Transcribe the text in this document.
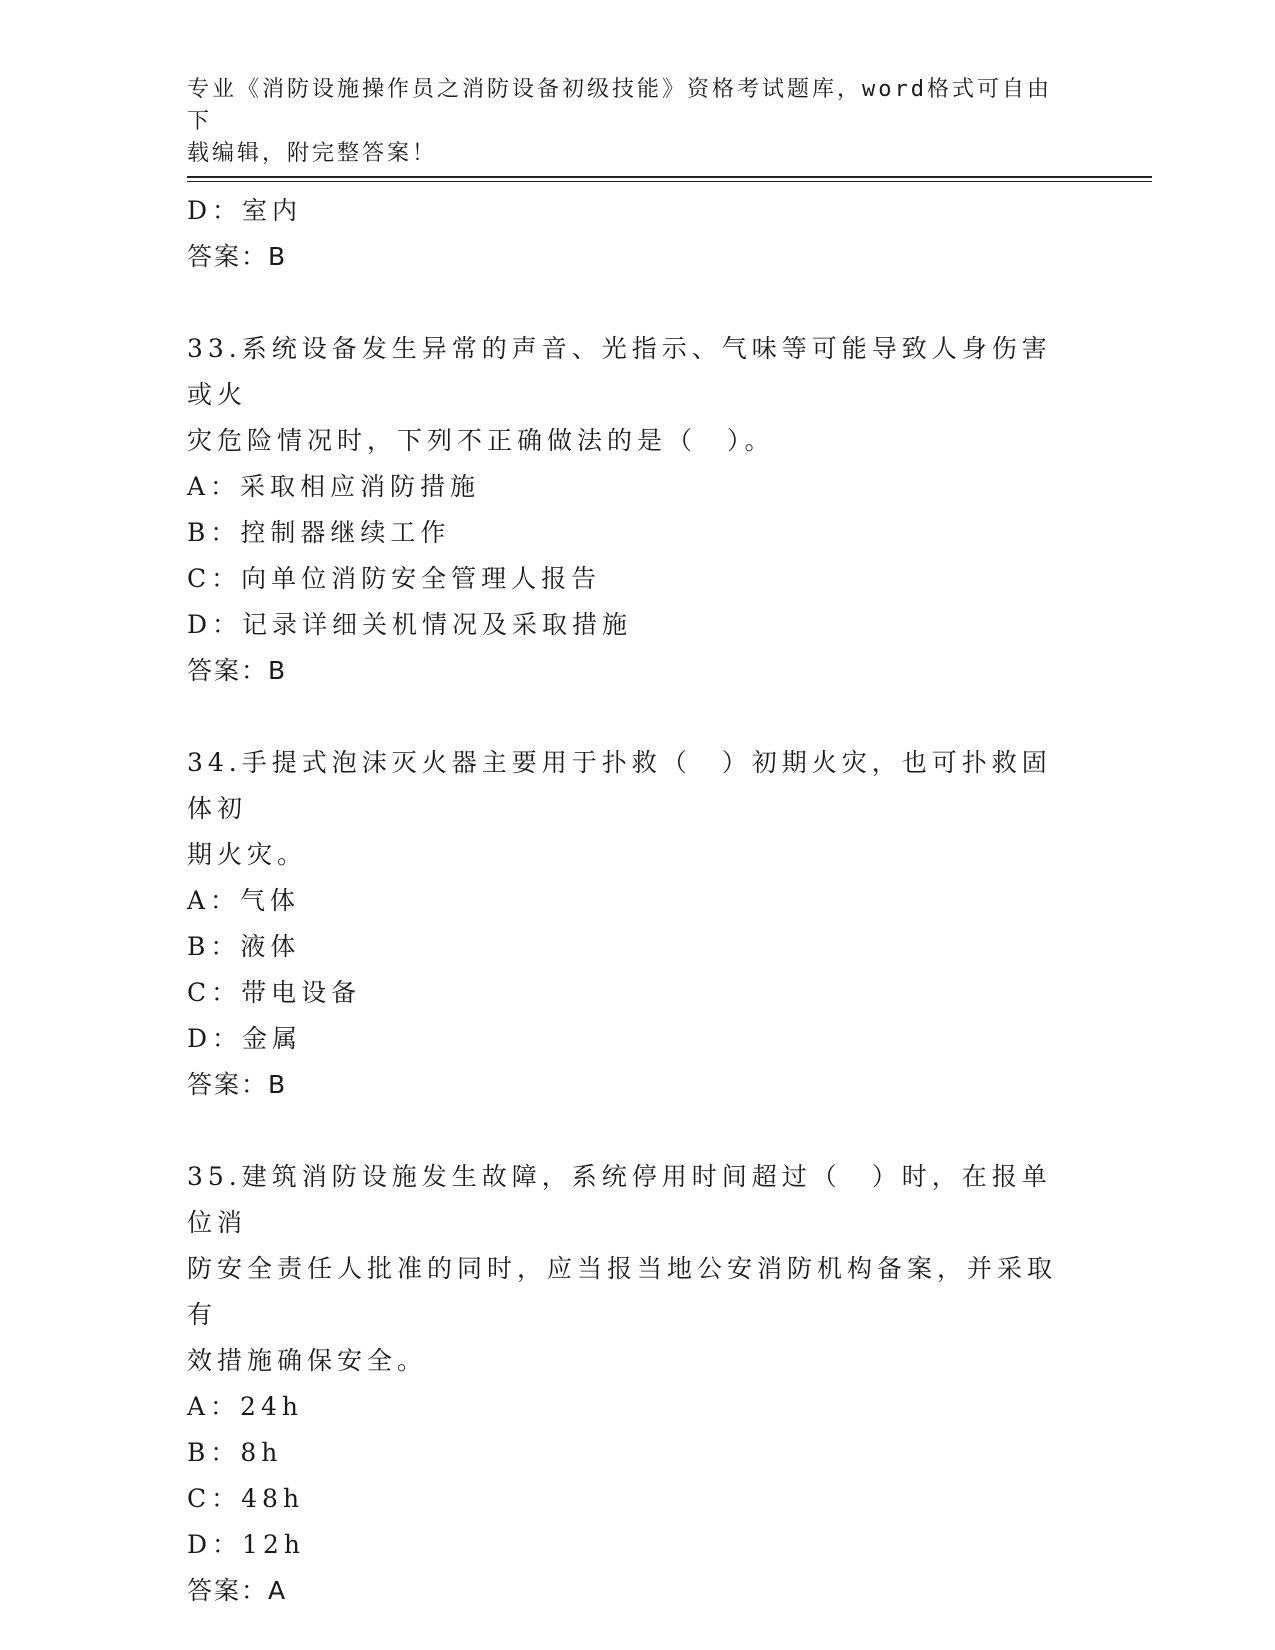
专业《消防设施操作员之消防设备初级技能》资格考试题库，word格式可自由下
载编辑，附完整答案！
D：室内
答案：B
33.系统设备发生异常的声音、光指示、气味等可能导致人身伤害或火
灾危险情况时，下列不正确做法的是（　）。
A：采取相应消防措施
B：控制器继续工作
C：向单位消防安全管理人报告
D：记录详细关机情况及采取措施
答案：B
34.手提式泡沫灭火器主要用于扑救（　）初期火灾，也可扑救固体初
期火灾。
A：气体
B：液体
C：带电设备
D：金属
答案：B
35.建筑消防设施发生故障，系统停用时间超过（　）时，在报单位消
防安全责任人批准的同时，应当报当地公安消防机构备案，并采取有
效措施确保安全。
A：24h
B：8h
C：48h
D：12h
答案：A
